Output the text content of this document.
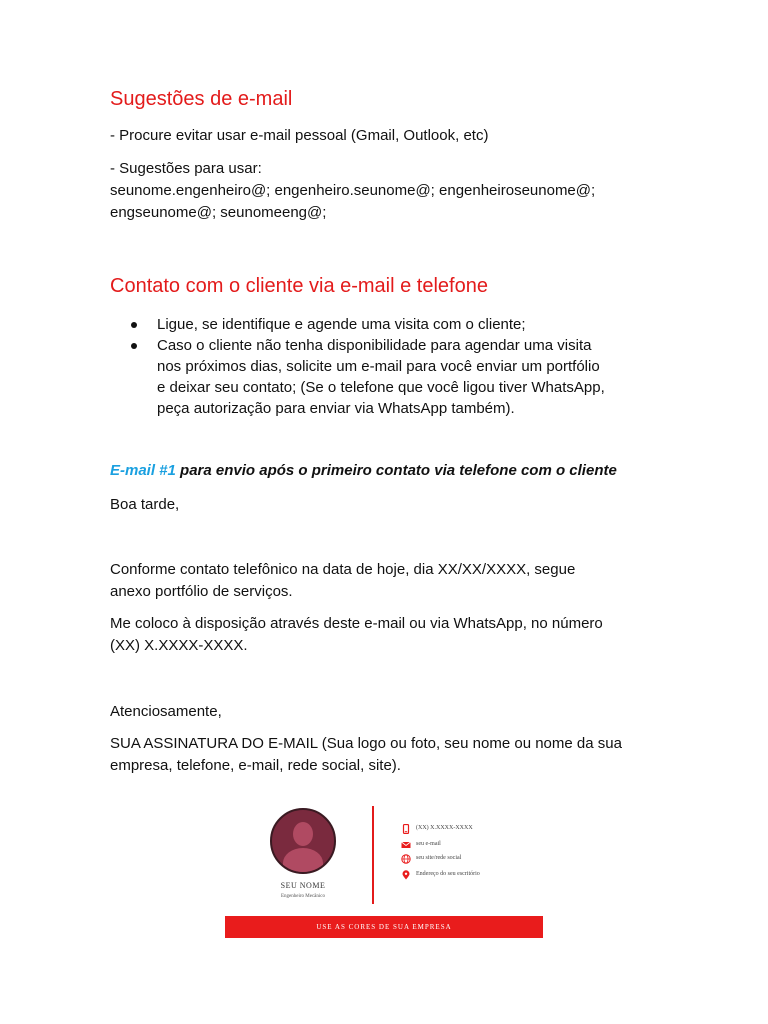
Sugestões de e-mail

- Procure evitar usar e-mail pessoal (Gmail, Outlook, etc)

- Sugestões para usar:
seunome.engenheiro@; engenheiro.seunome@; engenheiroseunome@;
engseunome@; seunomeeng@;

Contato com o cliente via e-mail e telefone
Ligue, se identifique e agende uma visita com o cliente;
Caso o cliente não tenha disponibilidade para agendar uma visita
nos próximos dias, solicite um e-mail para você enviar um portfólio
e deixar seu contato; (Se o telefone que você ligou tiver WhatsApp,
peça autorização para enviar via WhatsApp também).

E-mail #1 para envio após o primeiro contato via telefone com o cliente

Boa tarde,

Conforme contato telefônico na data de hoje, dia XX/XX/XXXX, segue
anexo portfólio de serviços.

Me coloco à disposição através deste e-mail ou via WhatsApp, no número
(XX) X.XXXX-XXXX.

Atenciosamente,

SUA ASSINATURA DO E-MAIL (Sua logo ou foto, seu nome ou nome da sua
empresa, telefone, e-mail, rede social, site).

SEU NOME
Engenheiro Mecânico
(XX) X.XXXX-XXXX
seu e-mail
seu site/rede social
Endereço do seu escritório
USE AS CORES DE SUA EMPRESA
